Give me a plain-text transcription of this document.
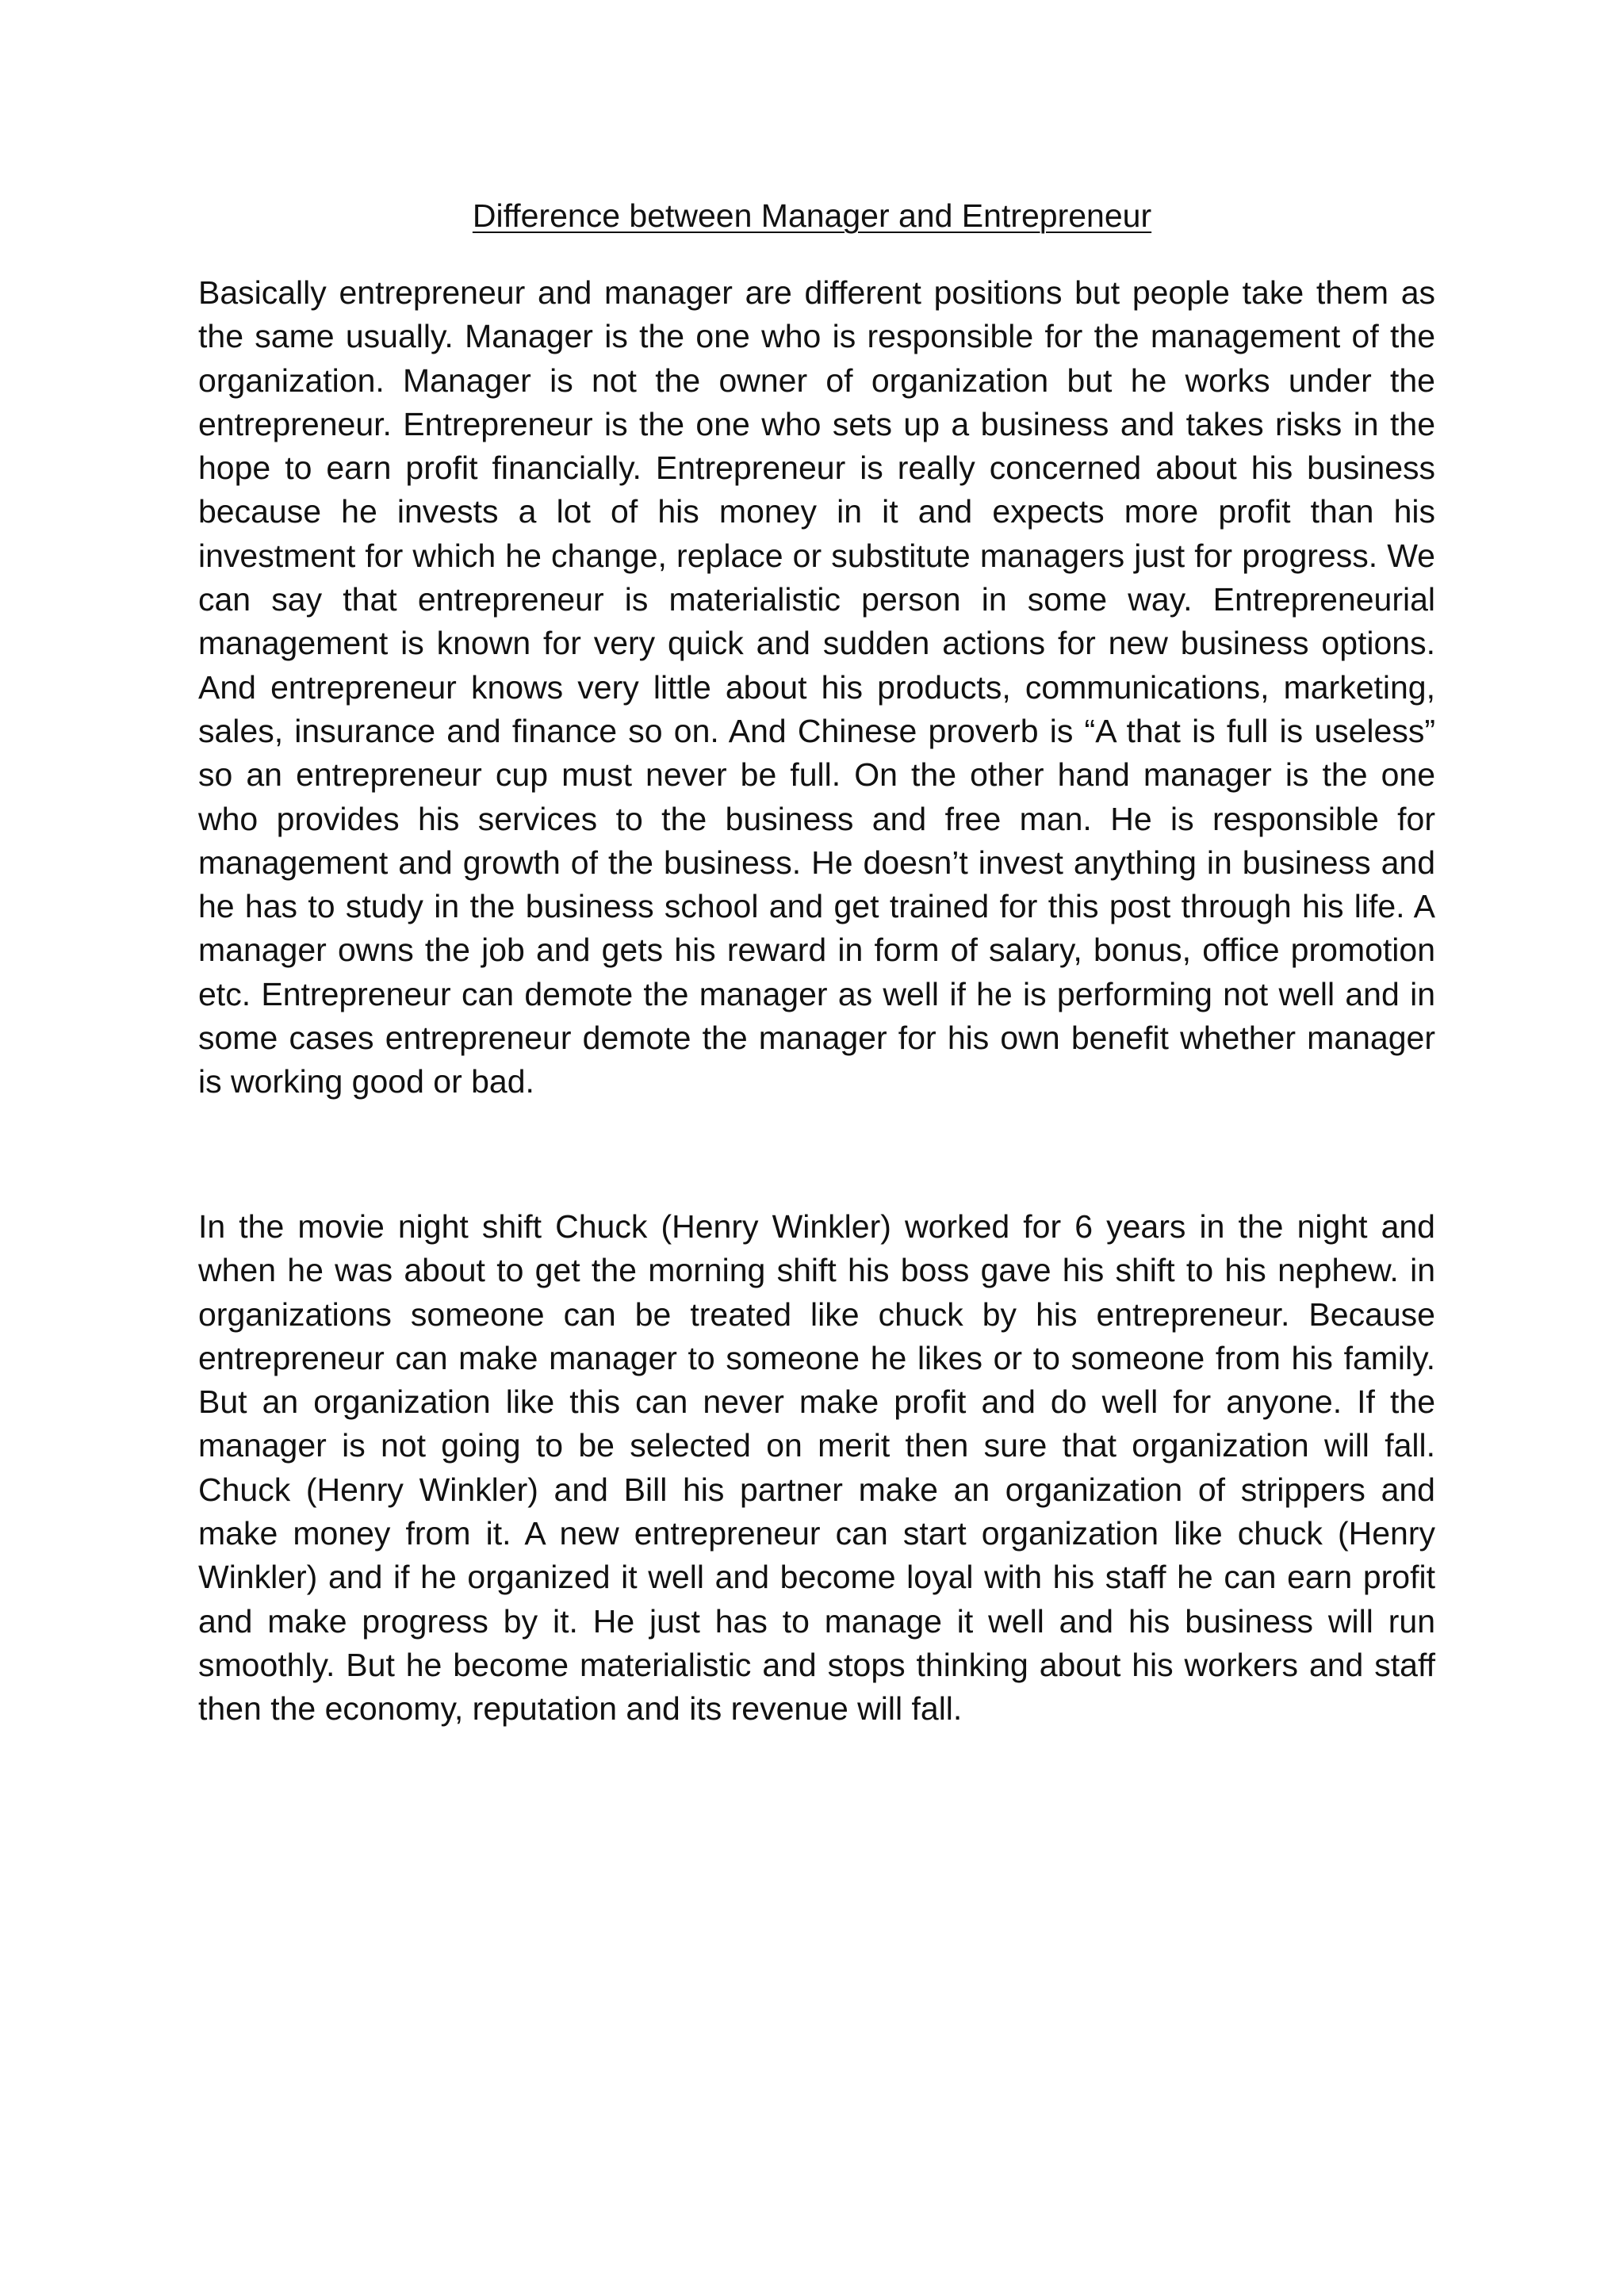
Difference between Manager and Entrepreneur

Basically entrepreneur and manager are different positions but people take them as the same usually. Manager is the one who is responsible for the management of the organization. Manager is not the owner of organization but he works under the entrepreneur. Entrepreneur is the one who sets up a business and takes risks in the hope to earn profit financially. Entrepreneur is really concerned about his business because he invests a lot of his money in it and expects more profit than his investment for which he change, replace or substitute managers just for progress. We can say that entrepreneur is materialistic person in some way. Entrepreneurial management is known for very quick and sudden actions for new business options. And entrepreneur knows very little about his products, communications, marketing, sales, insurance and finance so on. And Chinese proverb is “A that is full is useless” so an entrepreneur cup must never be full. On the other hand manager is the one who provides his services to the business and free man. He is responsible for management and growth of the business. He doesn’t invest anything in business and he has to study in the business school and get trained for this post through his life. A manager owns the job and gets his reward in form of salary, bonus, office promotion etc. Entrepreneur can demote the manager as well if he is performing not well and in some cases entrepreneur demote the manager for his own benefit whether manager is working good or bad.

In the movie night shift Chuck (Henry Winkler) worked for 6 years in the night and when he was about to get the morning shift his boss gave his shift to his nephew. in organizations someone can be treated like chuck by his entrepreneur. Because entrepreneur can make manager to someone he likes or to someone from his family. But an organization like this can never make profit and do well for anyone. If the manager is not going to be selected on merit then sure that organization will fall. Chuck (Henry Winkler) and Bill his partner make an organization of strippers and make money from it. A new entrepreneur can start organization like chuck (Henry Winkler) and if he organized it well and become loyal with his staff he can earn profit and make progress by it. He just has to manage it well and his business will run smoothly. But he become materialistic and stops thinking about his workers and staff then the economy, reputation and its revenue will fall.
